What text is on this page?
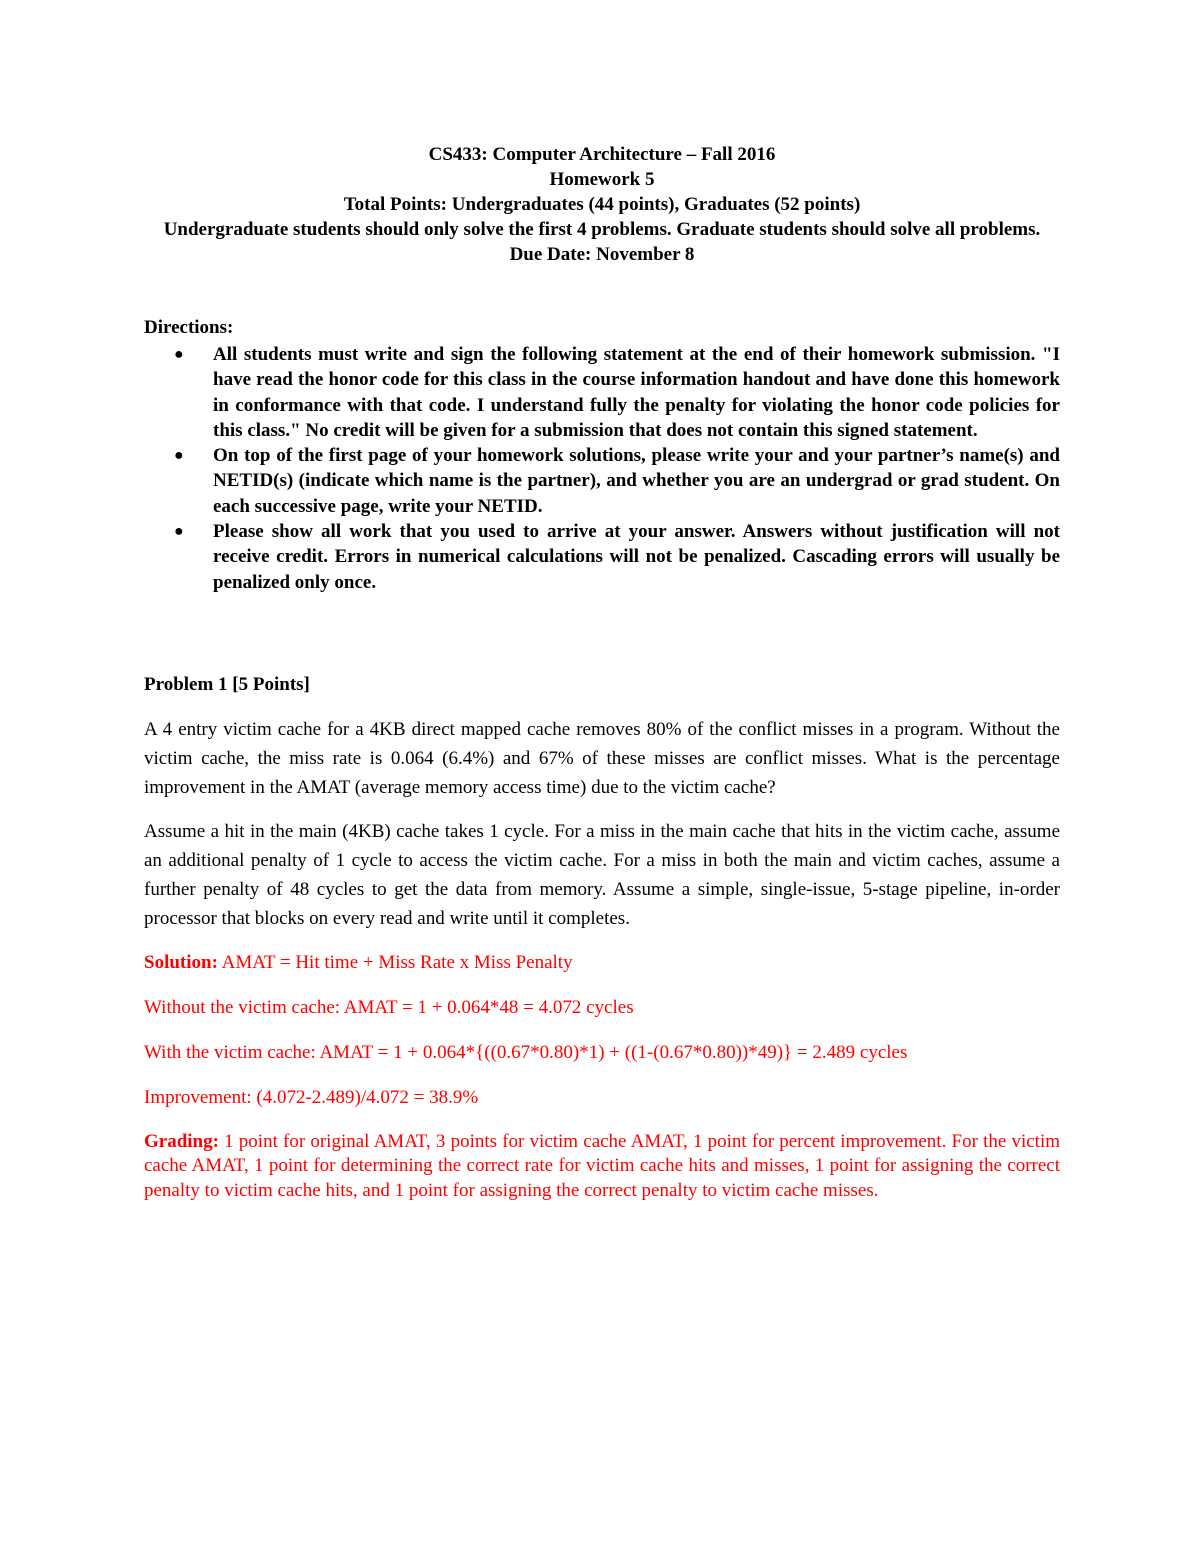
CS433: Computer Architecture – Fall 2016
Homework 5
Total Points: Undergraduates (44 points), Graduates (52 points)
Undergraduate students should only solve the first 4 problems. Graduate students should solve all problems.
Due Date: November 8
Directions:
● All students must write and sign the following statement at the end of their homework submission. "I have read the honor code for this class in the course information handout and have done this homework in conformance with that code. I understand fully the penalty for violating the honor code policies for this class." No credit will be given for a submission that does not contain this signed statement.
● On top of the first page of your homework solutions, please write your and your partner’s name(s) and NETID(s) (indicate which name is the partner), and whether you are an undergrad or grad student. On each successive page, write your NETID.
● Please show all work that you used to arrive at your answer. Answers without justification will not receive credit. Errors in numerical calculations will not be penalized. Cascading errors will usually be penalized only once.
Problem 1 [5 Points]
A 4 entry victim cache for a 4KB direct mapped cache removes 80% of the conflict misses in a program. Without the victim cache, the miss rate is 0.064 (6.4%) and 67% of these misses are conflict misses. What is the percentage improvement in the AMAT (average memory access time) due to the victim cache?
Assume a hit in the main (4KB) cache takes 1 cycle. For a miss in the main cache that hits in the victim cache, assume an additional penalty of 1 cycle to access the victim cache. For a miss in both the main and victim caches, assume a further penalty of 48 cycles to get the data from memory. Assume a simple, single-issue, 5-stage pipeline, in-order processor that blocks on every read and write until it completes.
Solution: AMAT = Hit time + Miss Rate x Miss Penalty
Without the victim cache: AMAT = 1 + 0.064*48 = 4.072 cycles
With the victim cache: AMAT = 1 + 0.064*{((0.67*0.80)*1) + ((1-(0.67*0.80))*49)} = 2.489 cycles
Improvement: (4.072-2.489)/4.072 = 38.9%
Grading: 1 point for original AMAT, 3 points for victim cache AMAT, 1 point for percent improvement. For the victim cache AMAT, 1 point for determining the correct rate for victim cache hits and misses, 1 point for assigning the correct penalty to victim cache hits, and 1 point for assigning the correct penalty to victim cache misses.
